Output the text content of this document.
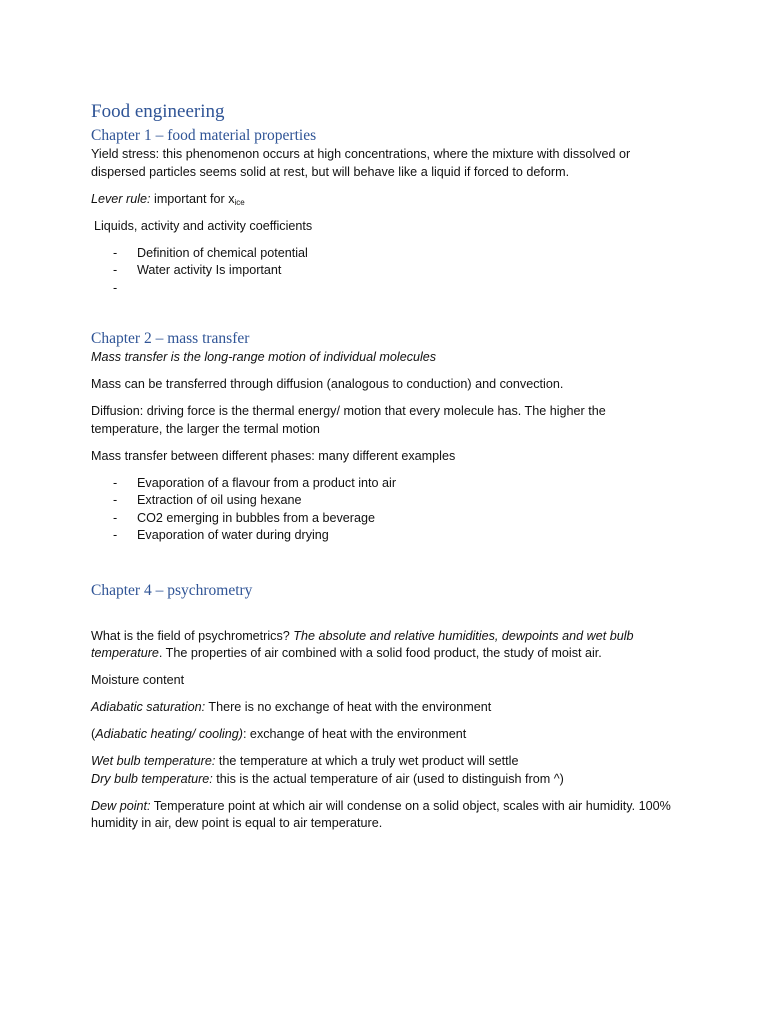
Food engineering
Chapter 1 – food material properties

Yield stress: this phenomenon occurs at high concentrations, where the mixture with dissolved or dispersed particles seems solid at rest, but will behave like a liquid if forced to deform.

Lever rule: important for $x_{ice}$

Liquids, activity and activity coefficients

- Definition of chemical potential
- Water activity Is important
-
Chapter 2 – mass transfer

Mass transfer is the long-range motion of individual molecules

Mass can be transferred through diffusion (analogous to conduction) and convection.

Diffusion: driving force is the thermal energy/ motion that every molecule has. The higher the temperature, the larger the termal motion

Mass transfer between different phases: many different examples

- Evaporation of a flavour from a product into air
- Extraction of oil using hexane
- CO2 emerging in bubbles from a beverage
- Evaporation of water during drying
Chapter 4 – psychrometry

What is the field of psychrometrics? The absolute and relative humidities, dewpoints and wet bulb temperature. The properties of air combined with a solid food product, the study of moist air.

Moisture content

Adiabatic saturation: There is no exchange of heat with the environment

(Adiabatic heating/ cooling): exchange of heat with the environment

Wet bulb temperature: the temperature at which a truly wet product will settle

Dry bulb temperature: this is the actual temperature of air (used to distinguish from ^)

Dew point: Temperature point at which air will condense on a solid object, scales with air humidity. 100% humidity in air, dew point is equal to air temperature.
